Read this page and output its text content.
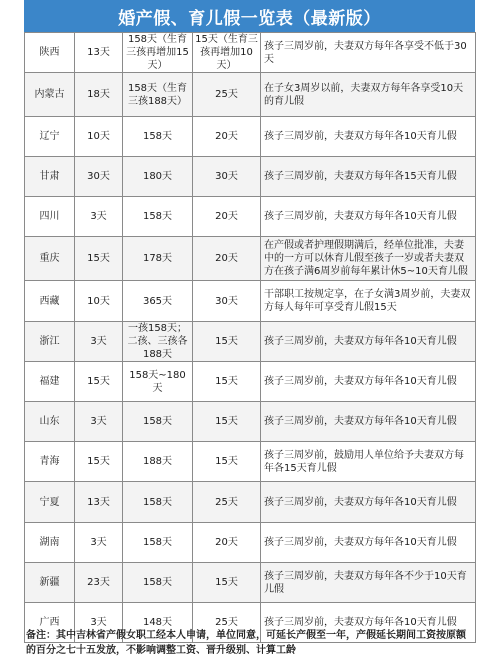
婚产假、育儿假一览表（最新版）
陕西	13天	158天（生育三孩再增加15天）	15天（生育三孩再增加10天）	孩子三周岁前，夫妻双方每年各享受不低于30天
内蒙古	18天	158天（生育三孩188天）	25天	在子女3周岁以前，夫妻双方每年各享受10天的育儿假
辽宁	10天	158天	20天	孩子三周岁前，夫妻双方每年各10天育儿假
甘肃	30天	180天	30天	孩子三周岁前，夫妻双方每年各15天育儿假
四川	3天	158天	20天	孩子三周岁前，夫妻双方每年各10天育儿假
重庆	15天	178天	20天	在产假或者护理假期满后，经单位批准，夫妻中的一方可以休育儿假至孩子一岁或者夫妻双方在孩子满6周岁前每年累计休5~10天育儿假
西藏	10天	365天	30天	干部职工按规定享，在子女满3周岁前，夫妻双方每人每年可享受育儿假15天
浙江	3天	一孩158天；二孩、三孩各188天	15天	孩子三周岁前，夫妻双方每年各10天育儿假
福建	15天	158天~180天	15天	孩子三周岁前，夫妻双方每年各10天育儿假
山东	3天	158天	15天	孩子三周岁前，夫妻双方每年各10天育儿假
青海	15天	188天	15天	孩子三周岁前，鼓励用人单位给予夫妻双方每年各15天育儿假
宁夏	13天	158天	25天	孩子三周岁前，夫妻双方每年各10天育儿假
湖南	3天	158天	20天	孩子三周岁前，夫妻双方每年各10天育儿假
新疆	23天	158天	15天	孩子三周岁前，夫妻双方每年各不少于10天育儿假
广西	3天	148天	25天	孩子三周岁前，夫妻双方每年各10天育儿假
备注：其中吉林省产假女职工经本人申请，单位同意，可延长产假至一年，产假延长期间工资按原额的百分之七十五发放，不影响调整工资、晋升级别、计算工龄
